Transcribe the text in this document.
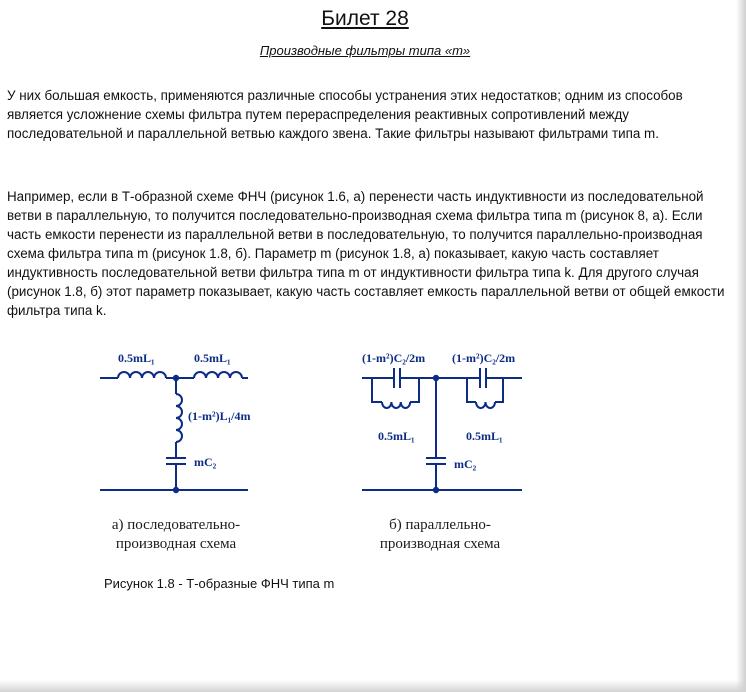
Билет 28
Производные фильтры типа «m»

У них большая емкость, применяются различные способы устранения этих недостатков; одним из способов является усложнение схемы фильтра путем перераспределения реактивных сопротивлений между последовательной и параллельной ветвью каждого звена. Такие фильтры называют фильтрами типа m.

Например, если в Т-образной схеме ФНЧ (рисунок 1.6, а) перенести часть индуктивности из последовательной ветви в параллельную, то получится последовательно-производная схема фильтра типа m (рисунок 8, а). Если часть емкости перенести из параллельной ветви в последовательную, то получится параллельно-производная схема фильтра типа m (рисунок 1.8, б). Параметр m (рисунок 1.8, а) показывает, какую часть составляет индуктивность последовательной ветви фильтра типа m от индуктивности фильтра типа k. Для другого случая (рисунок 1.8, б) этот параметр показывает, какую часть составляет емкость параллельной ветви от общей емкости фильтра типа k.

0.5mL₁	0.5mL₁
(1-m²)L₁/4m
mC₂
а) последовательно-
производная схема
(1-m²)C₂/2m (1-m²)C₂/2m
0.5mL₁	0.5mL₁
mC₂
б) параллельно-
производная схема
Рисунок 1.8 - Т-образные ФНЧ типа m
